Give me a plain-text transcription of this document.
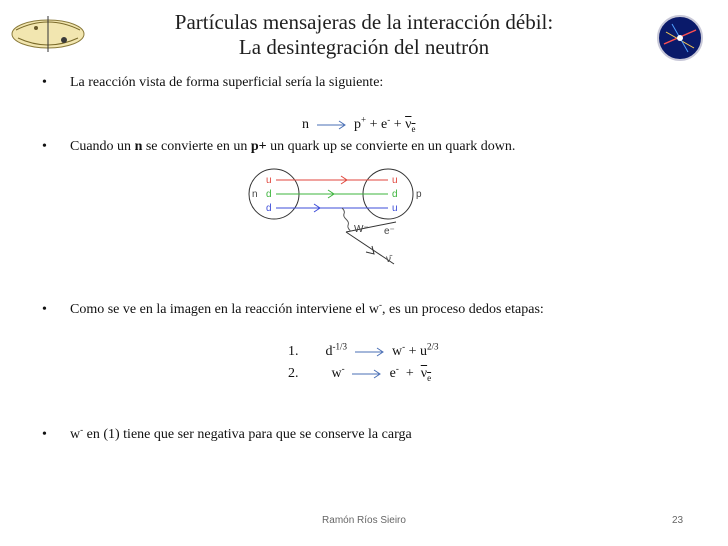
Partículas mensajeras de la interacción débil:
La desintegración del neutrón
• La reacción vista de forma superficial sería la siguiente:
n	$p^+ + e^- + \nu_e$
• Cuando un n se convierte en un p+ un quark up se convierte en un quark down.
n	p
u
d
d
u
d
u
W⁻ e⁻
ν̄
• Como se ve en la imagen en la reacción interviene el w-, es un proceso dedos etapas:
1. $d^{-1/3}$	$w^- + u^{2/3}$
2. w-	$e^- + \nu_e$
• w- en (1) tiene que ser negativa para que se conserve la carga
Ramón Ríos Sieiro	23
